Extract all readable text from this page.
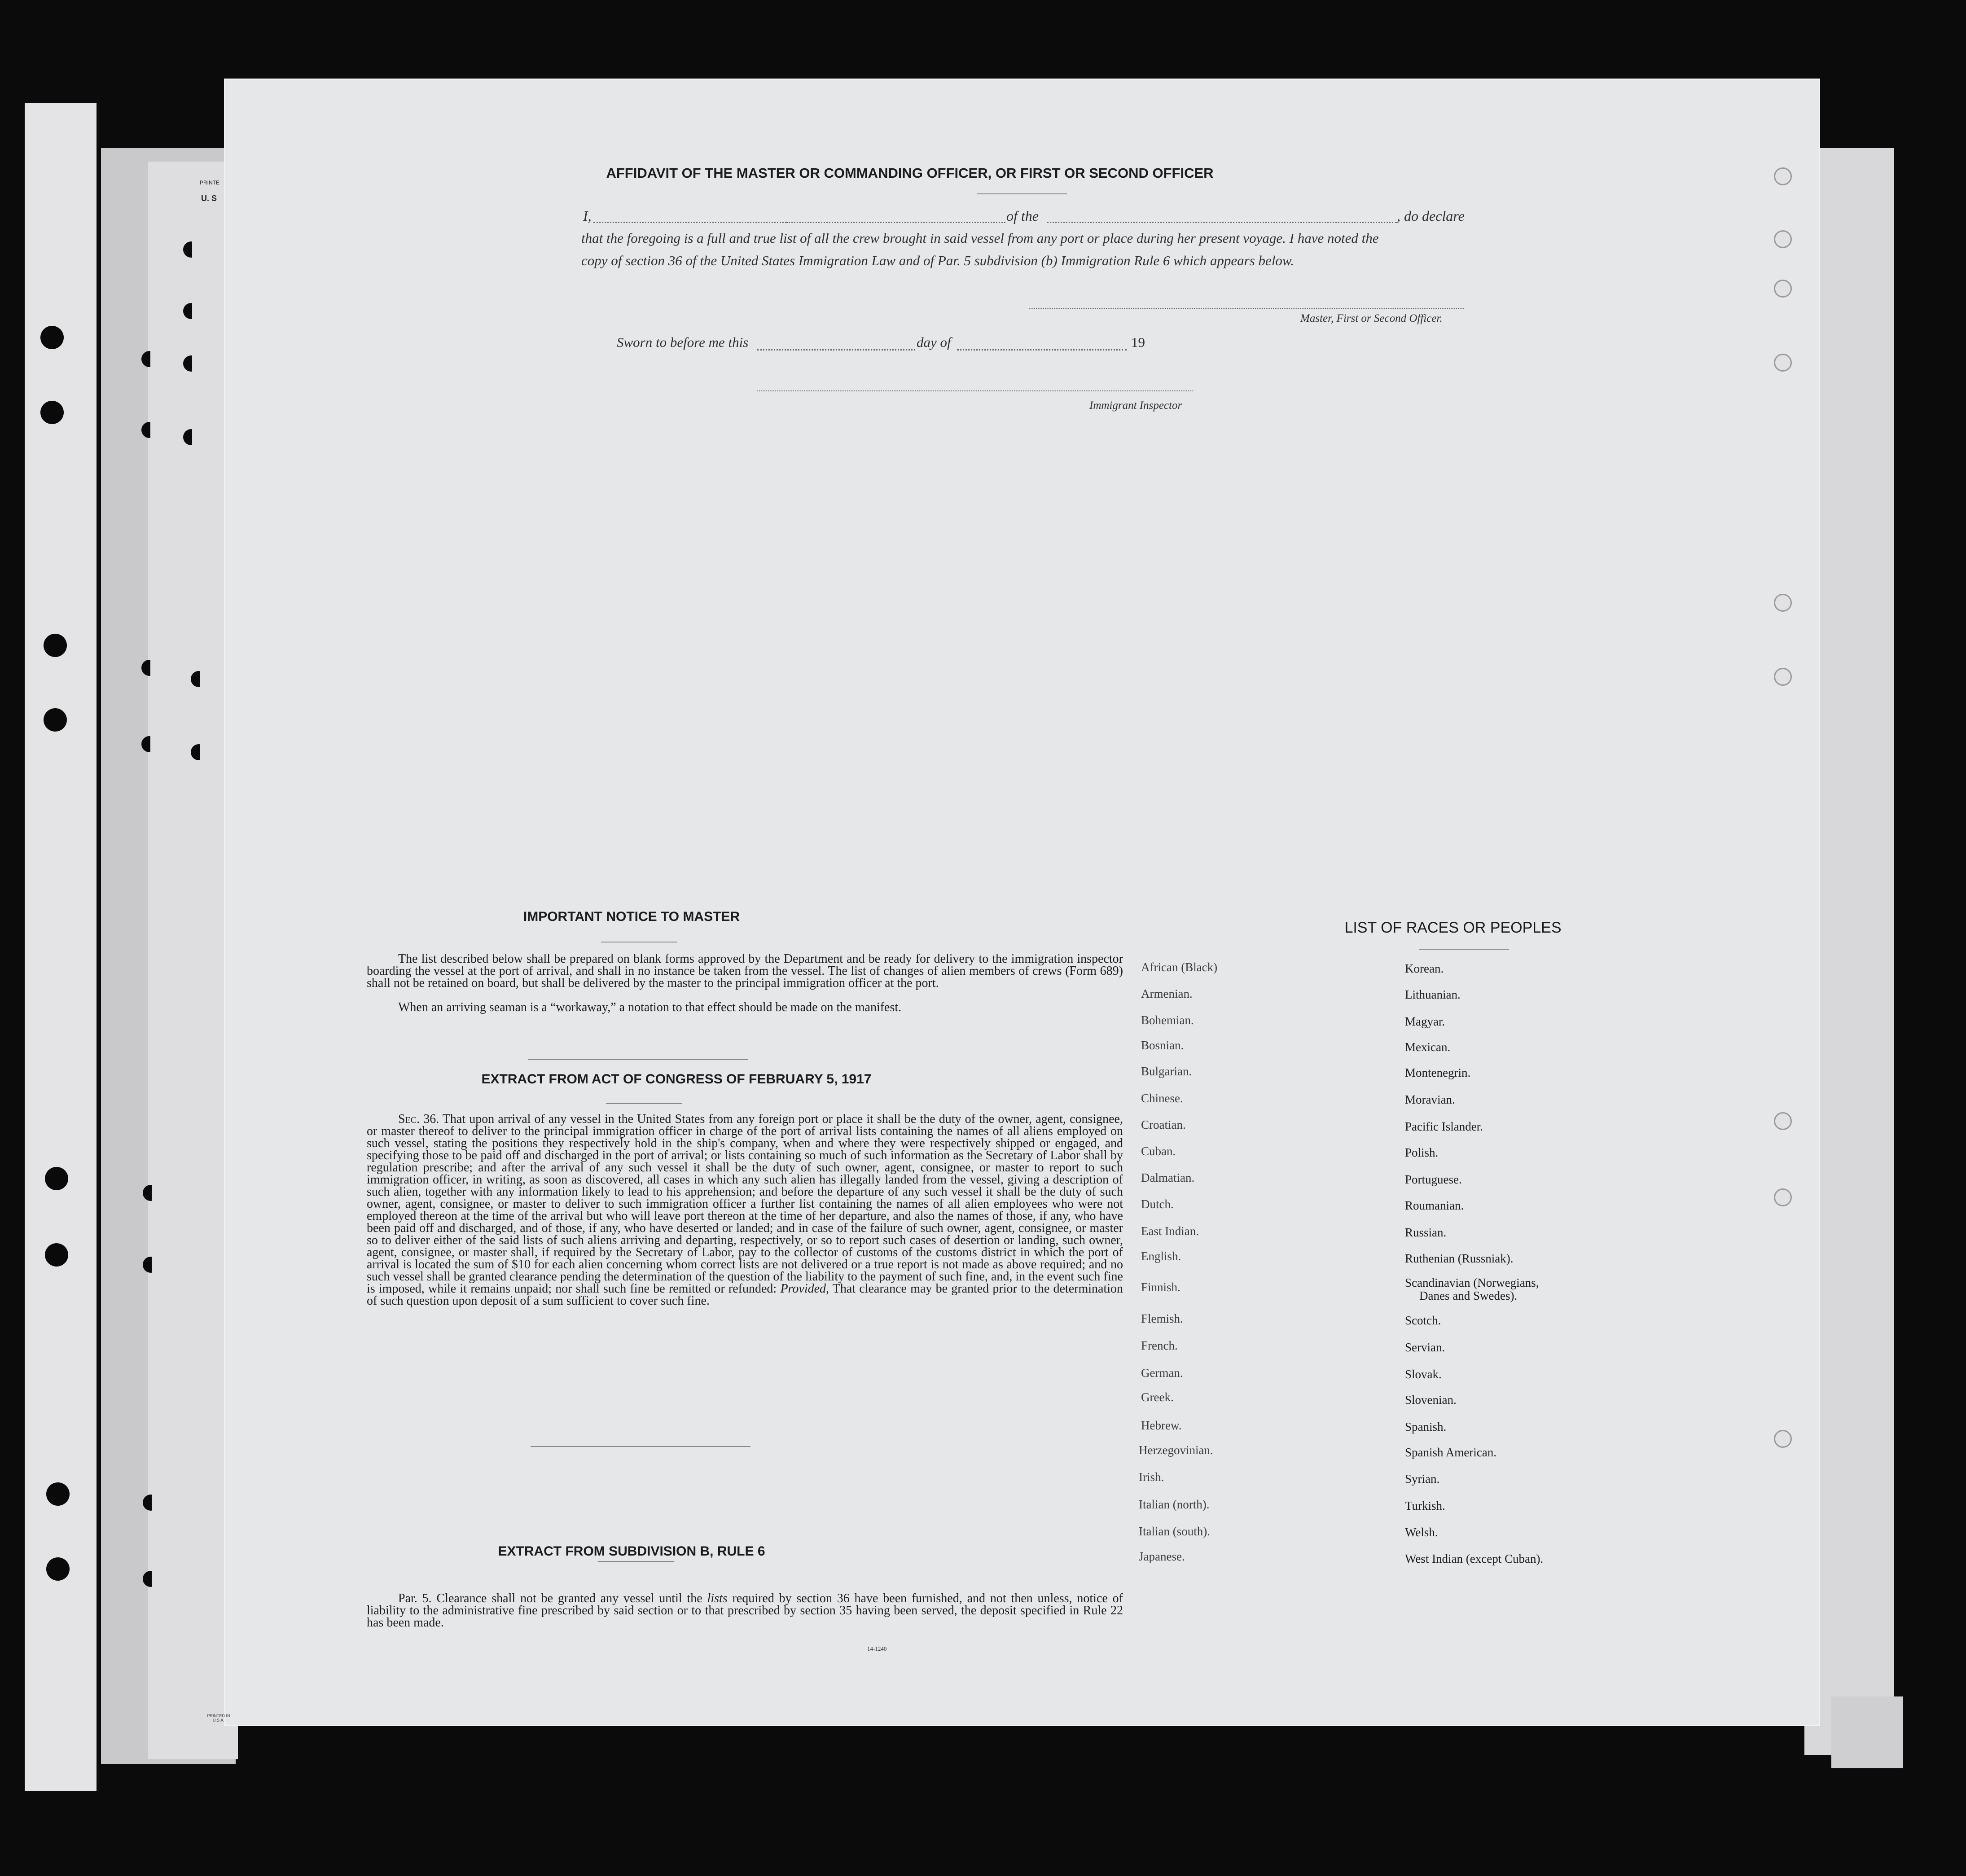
PRINTE
U. S
AFFIDAVIT OF THE MASTER OR COMMANDING OFFICER, OR FIRST OR SECOND OFFICER
I,	of the	, do declare
that the foregoing is a full and true list of all the crew brought in said vessel from any port or place during her present voyage. I have noted the
copy of section 36 of the United States Immigration Law and of Par. 5 subdivision (b) Immigration Rule 6 which appears below.
Master, First or Second Officer.
Sworn to before me this	day of	19
Immigrant Inspector
IMPORTANT NOTICE TO MASTER
The list described below shall be prepared on blank forms approved by the Department and be ready for delivery to the immigration inspector boarding the vessel at the port of arrival, and shall in no instance be taken from the vessel. The list of changes of alien members of crews (Form 689) shall not be retained on board, but shall be delivered by the master to the principal immigration officer at the port.
When an arriving seaman is a “workaway,” a notation to that effect should be made on the manifest.
EXTRACT FROM ACT OF CONGRESS OF FEBRUARY 5, 1917
Sec. 36. That upon arrival of any vessel in the United States from any foreign port or place it shall be the duty of the owner, agent, consignee, or master thereof to deliver to the principal immigration officer in charge of the port of arrival lists containing the names of all aliens employed on such vessel, stating the positions they respectively hold in the ship's company, when and where they were respectively shipped or engaged, and specifying those to be paid off and discharged in the port of arrival; or lists containing so much of such information as the Secretary of Labor shall by regulation prescribe; and after the arrival of any such vessel it shall be the duty of such owner, agent, consignee, or master to report to such immigration officer, in writing, as soon as discovered, all cases in which any such alien has illegally landed from the vessel, giving a description of such alien, together with any information likely to lead to his apprehension; and before the departure of any such vessel it shall be the duty of such owner, agent, consignee, or master to deliver to such immigration officer a further list containing the names of all alien employees who were not employed thereon at the time of the arrival but who will leave port thereon at the time of her departure, and also the names of those, if any, who have been paid off and discharged, and of those, if any, who have deserted or landed; and in case of the failure of such owner, agent, consignee, or master so to deliver either of the said lists of such aliens arriving and departing, respectively, or so to report such cases of desertion or landing, such owner, agent, consignee, or master shall, if required by the Secretary of Labor, pay to the collector of customs of the customs district in which the port of arrival is located the sum of $10 for each alien concerning whom correct lists are not delivered or a true report is not made as above required; and no such vessel shall be granted clearance pending the determination of the question of the liability to the payment of such fine, and, in the event such fine is imposed, while it remains unpaid; nor shall such fine be remitted or refunded: Provided, That clearance may be granted prior to the determination of such question upon deposit of a sum sufficient to cover such fine.
EXTRACT FROM SUBDIVISION B, RULE 6
Par. 5. Clearance shall not be granted any vessel until the lists required by section 36 have been furnished, and not then unless, notice of liability to the administrative fine prescribed by said section or to that prescribed by section 35 having been served, the deposit specified in Rule 22 has been made.
14-1240
LIST OF RACES OR PEOPLES
African (Black)
Armenian.
Bohemian.
Bosnian.
Bulgarian.
Chinese.
Croatian.
Cuban.
Dalmatian.
Dutch.
East Indian.
English.
Finnish.
Flemish.
French.
German.
Greek.
Hebrew.
Herzegovinian.
Irish.
Italian (north).
Italian (south).
Japanese.
Korean.
Lithuanian.
Magyar.
Mexican.
Montenegrin.
Moravian.
Pacific Islander.
Polish.
Portuguese.
Roumanian.
Russian.
Ruthenian (Russniak).
Scandinavian (Norwegians,
Danes and Swedes).
Scotch.
Servian.
Slovak.
Slovenian.
Spanish.
Spanish American.
Syrian.
Turkish.
Welsh.
West Indian (except Cuban).
PRINTED IN U.S.A.
